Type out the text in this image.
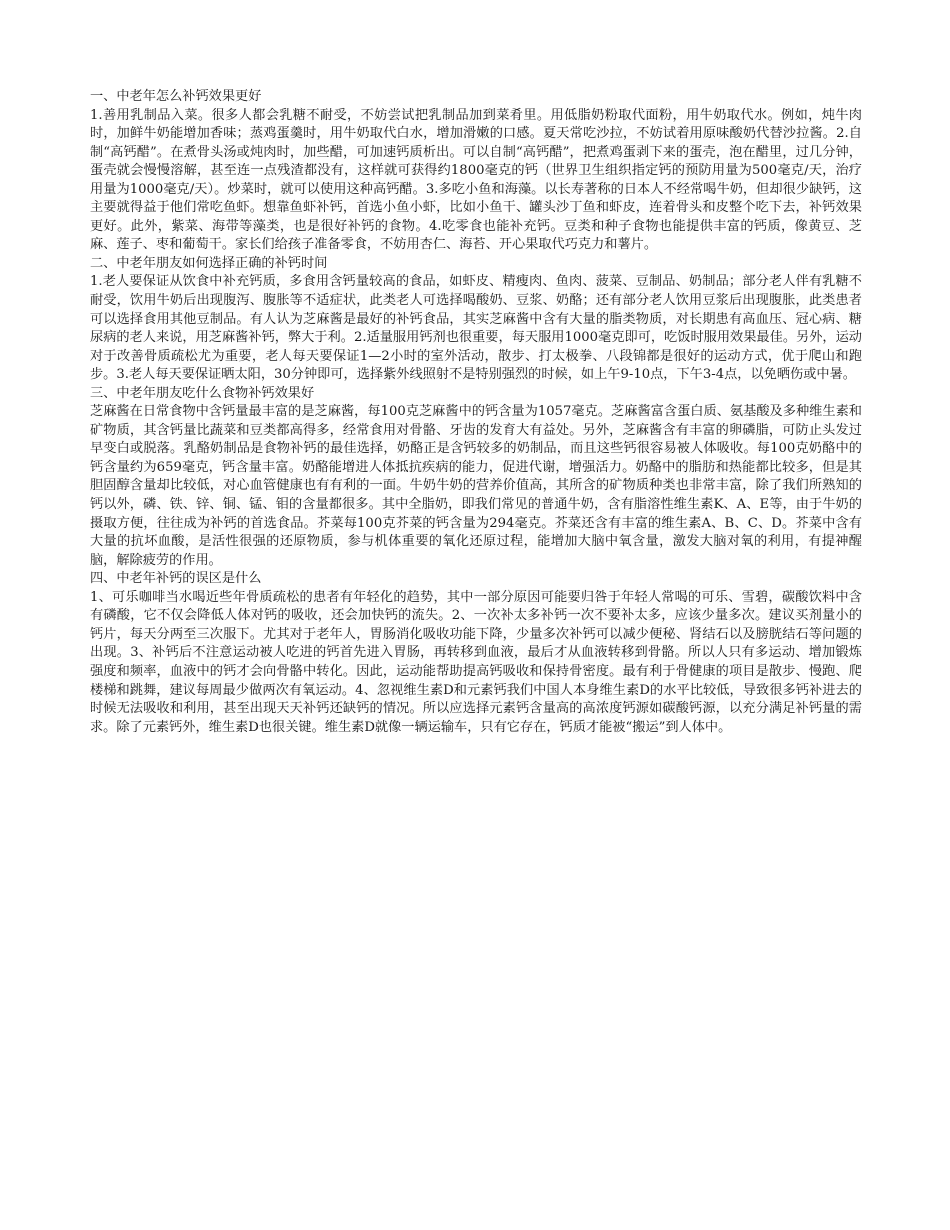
一、中老年怎么补钙效果更好

1.善用乳制品入菜。很多人都会乳糖不耐受，不妨尝试把乳制品加到菜肴里。用低脂奶粉取代面粉，用牛奶取代水。例如，炖牛肉时，加鲜牛奶能增加香味；蒸鸡蛋羹时，用牛奶取代白水，增加滑嫩的口感。夏天常吃沙拉，不妨试着用原味酸奶代替沙拉酱。2.自制“高钙醋”。在煮骨头汤或炖肉时，加些醋，可加速钙质析出。可以自制“高钙醋”，把煮鸡蛋剥下来的蛋壳，泡在醋里，过几分钟，蛋壳就会慢慢溶解，甚至连一点残渣都没有，这样就可获得约1800毫克的钙（世界卫生组织指定钙的预防用量为500毫克/天，治疗用量为1000毫克/天）。炒菜时，就可以使用这种高钙醋。3.多吃小鱼和海藻。以长寿著称的日本人不经常喝牛奶，但却很少缺钙，这主要就得益于他们常吃鱼虾。想靠鱼虾补钙，首选小鱼小虾，比如小鱼干、罐头沙丁鱼和虾皮，连着骨头和皮整个吃下去，补钙效果更好。此外，紫菜、海带等藻类，也是很好补钙的食物。4.吃零食也能补充钙。豆类和种子食物也能提供丰富的钙质，像黄豆、芝麻、莲子、枣和葡萄干。家长们给孩子准备零食，不妨用杏仁、海苔、开心果取代巧克力和薯片。

二、中老年朋友如何选择正确的补钙时间

1.老人要保证从饮食中补充钙质，多食用含钙量较高的食品，如虾皮、精瘦肉、鱼肉、菠菜、豆制品、奶制品；部分老人伴有乳糖不耐受，饮用牛奶后出现腹泻、腹胀等不适症状，此类老人可选择喝酸奶、豆浆、奶酪；还有部分老人饮用豆浆后出现腹胀，此类患者可以选择食用其他豆制品。有人认为芝麻酱是最好的补钙食品，其实芝麻酱中含有大量的脂类物质，对长期患有高血压、冠心病、糖尿病的老人来说，用芝麻酱补钙，弊大于利。2.适量服用钙剂也很重要，每天服用1000毫克即可，吃饭时服用效果最佳。另外，运动对于改善骨质疏松尤为重要，老人每天要保证1—2小时的室外活动，散步、打太极拳、八段锦都是很好的运动方式，优于爬山和跑步。3.老人每天要保证晒太阳，30分钟即可，选择紫外线照射不是特别强烈的时候，如上午9-10点，下午3-4点，以免晒伤或中暑。

三、中老年朋友吃什么食物补钙效果好

芝麻酱在日常食物中含钙量最丰富的是芝麻酱，每100克芝麻酱中的钙含量为1057毫克。芝麻酱富含蛋白质、氨基酸及多种维生素和矿物质，其含钙量比蔬菜和豆类都高得多，经常食用对骨骼、牙齿的发育大有益处。另外，芝麻酱含有丰富的卵磷脂，可防止头发过早变白或脱落。乳酪奶制品是食物补钙的最佳选择，奶酪正是含钙较多的奶制品，而且这些钙很容易被人体吸收。每100克奶酪中的钙含量约为659毫克，钙含量丰富。奶酪能增进人体抵抗疾病的能力，促进代谢，增强活力。奶酪中的脂肪和热能都比较多，但是其胆固醇含量却比较低，对心血管健康也有有利的一面。牛奶牛奶的营养价值高，其所含的矿物质种类也非常丰富，除了我们所熟知的钙以外，磷、铁、锌、铜、锰、钼的含量都很多。其中全脂奶，即我们常见的普通牛奶，含有脂溶性维生素K、A、E等，由于牛奶的摄取方便，往往成为补钙的首选食品。芥菜每100克芥菜的钙含量为294毫克。芥菜还含有丰富的维生素A、B、C、D。芥菜中含有大量的抗坏血酸，是活性很强的还原物质，参与机体重要的氧化还原过程，能增加大脑中氧含量，激发大脑对氧的利用，有提神醒脑，解除疲劳的作用。

四、中老年补钙的误区是什么

1、可乐咖啡当水喝近些年骨质疏松的患者有年轻化的趋势，其中一部分原因可能要归咎于年轻人常喝的可乐、雪碧，碳酸饮料中含有磷酸，它不仅会降低人体对钙的吸收，还会加快钙的流失。2、一次补太多补钙一次不要补太多，应该少量多次。建议买剂量小的钙片，每天分两至三次服下。尤其对于老年人，胃肠消化吸收功能下降，少量多次补钙可以减少便秘、肾结石以及膀胱结石等问题的出现。3、补钙后不注意运动被人吃进的钙首先进入胃肠，再转移到血液，最后才从血液转移到骨骼。所以人只有多运动、增加锻炼强度和频率，血液中的钙才会向骨骼中转化。因此，运动能帮助提高钙吸收和保持骨密度。最有利于骨健康的项目是散步、慢跑、爬楼梯和跳舞，建议每周最少做两次有氧运动。4、忽视维生素D和元素钙我们中国人本身维生素D的水平比较低，导致很多钙补进去的时候无法吸收和利用，甚至出现天天补钙还缺钙的情况。所以应选择元素钙含量高的高浓度钙源如碳酸钙源，以充分满足补钙量的需求。除了元素钙外，维生素D也很关键。维生素D就像一辆运输车，只有它存在，钙质才能被“搬运”到人体中。
